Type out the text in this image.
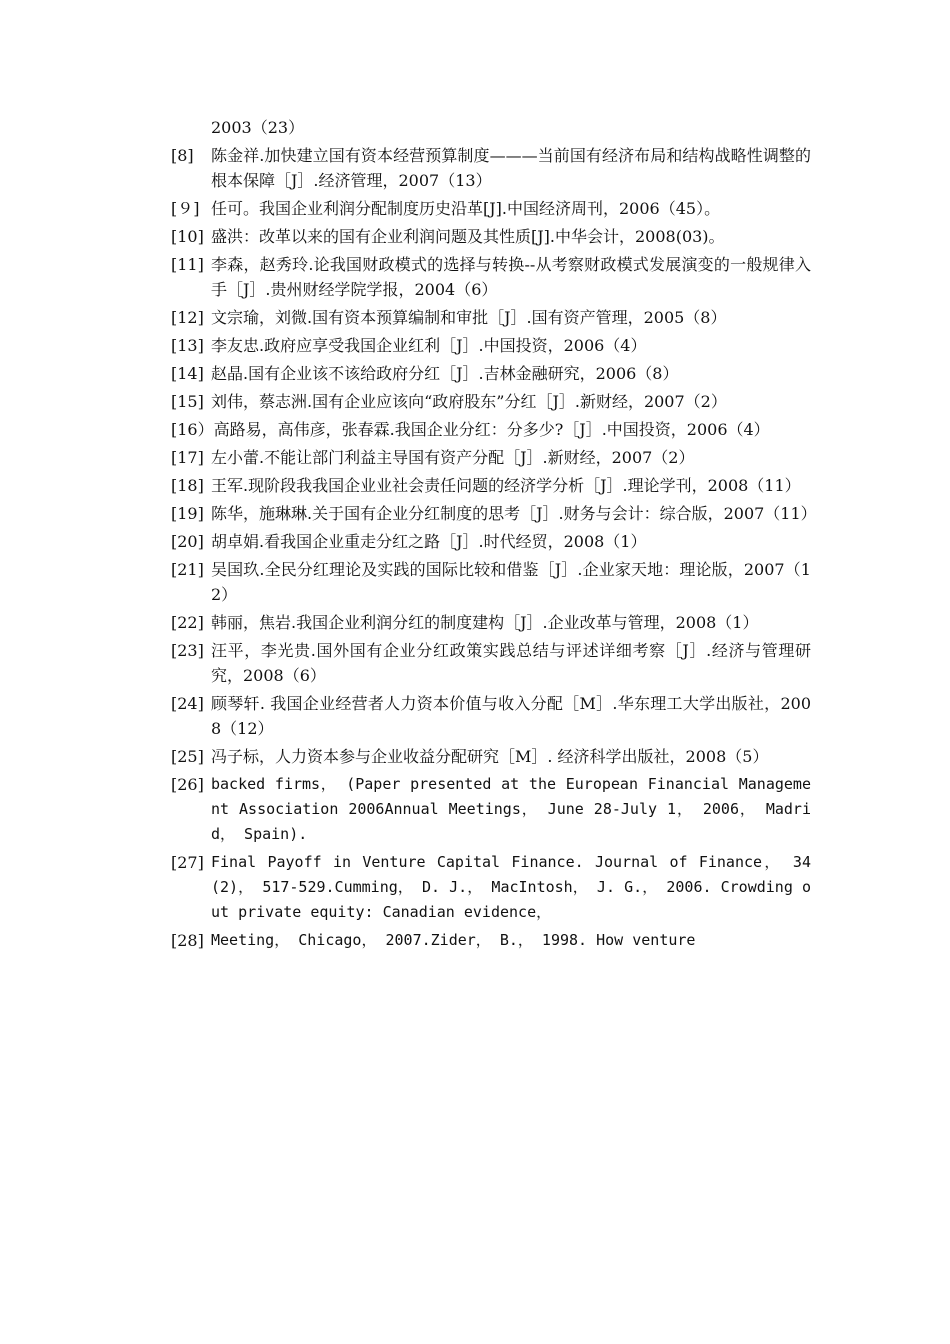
2003（23）
[8]	陈金祥.加快建立国有资本经营预算制度———当前国有经济布局和结构战略性调整的根本保障［J］.经济管理，2007（13）
[９] 任可。我国企业利润分配制度历史沿革[J].中国经济周刊，2006（45）。
[10] 盛洪：改革以来的国有企业利润问题及其性质[J].中华会计，2008(03)。
[11] 李森，赵秀玲.论我国财政模式的选择与转换--从考察财政模式发展演变的一般规律入手［J］.贵州财经学院学报，2004（6）
[12] 文宗瑜，刘微.国有资本预算编制和审批［J］.国有资产管理，2005（8）
[13] 李友忠.政府应享受我国企业红利［J］.中国投资，2006（4）
[14] 赵晶.国有企业该不该给政府分红［J］.吉林金融研究，2006（8）
[15] 刘伟，蔡志洲.国有企业应该向“政府股东”分红［J］.新财经，2007（2）
[16） 高路易，高伟彦，张春霖.我国企业分红：分多少?［J］.中国投资，2006（4）
[17] 左小蕾.不能让部门利益主导国有资产分配［J］.新财经，2007（2）
[18] 王军.现阶段我我国企业业社会责任问题的经济学分析［J］.理论学刊，2008（11）
[19] 陈华，施琳琳.关于国有企业分红制度的思考［J］.财务与会计：综合版，2007（11）
[20] 胡卓娟.看我国企业重走分红之路［J］.时代经贸，2008（1）
[21] 吴国玖.全民分红理论及实践的国际比较和借鉴［J］.企业家天地：理论版，2007（12）
[22] 韩丽，焦岩.我国企业利润分红的制度建构［J］.企业改革与管理，2008（1）
[23] 汪平，李光贵.国外国有企业分红政策实践总结与评述详细考察［J］.经济与管理研究，2008（6）
[24] 顾琴轩. 我国企业经营者人力资本价值与收入分配［M］.华东理工大学出版社，2008（12）
[25] 冯子标，人力资本参与企业收益分配研究［M］. 经济科学出版社，2008（5）
[26] backed firms， (Paper presented at the European Financial Management Association 2006Annual Meetings， June 28-July 1， 2006， Madrid， Spain).
[27] Final Payoff in Venture Capital Finance. Journal of Finance， 34(2)， 517-529.Cumming， D. J.， MacIntosh， J. G.， 2006. Crowding out private equity: Canadian evidence，
[28] Meeting， Chicago， 2007.Zider， B.， 1998. How venture
